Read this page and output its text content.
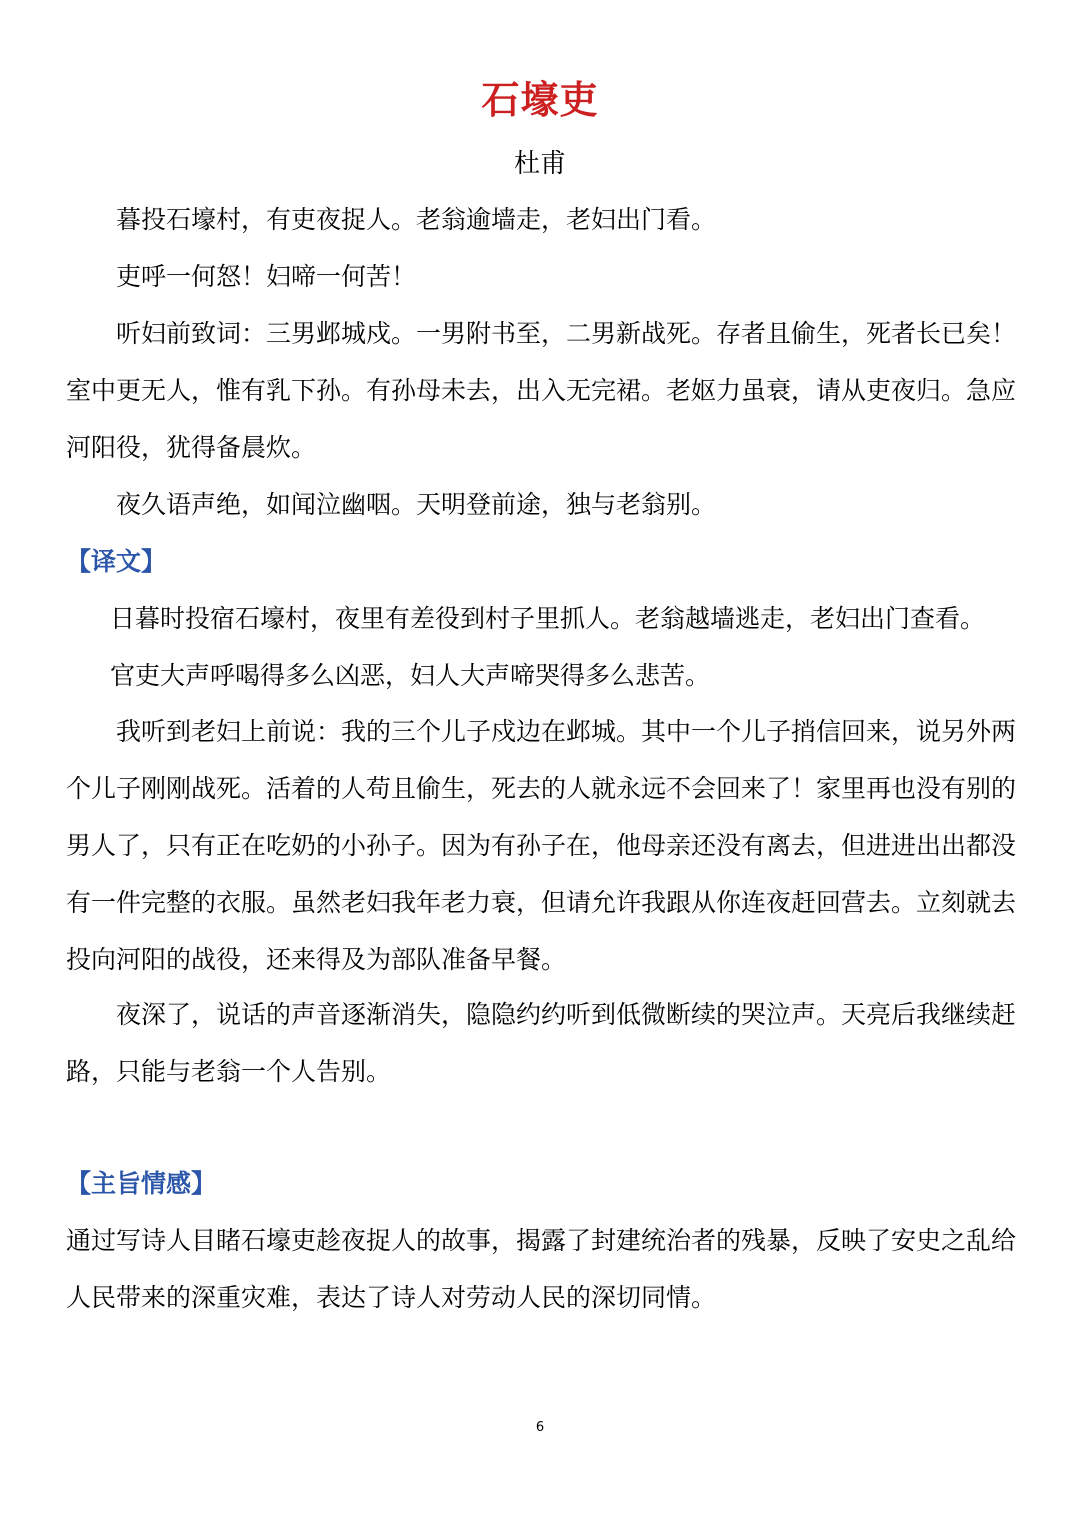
石壕吏
杜甫

暮投石壕村，有吏夜捉人。老翁逾墙走，老妇出门看。

吏呼一何怒！妇啼一何苦！

听妇前致词：三男邺城戍。一男附书至，二男新战死。存者且偷生，死者长已矣！室中更无人，惟有乳下孙。有孙母未去，出入无完裙。老妪力虽衰，请从吏夜归。急应河阳役，犹得备晨炊。

夜久语声绝，如闻泣幽咽。天明登前途，独与老翁别。

【译文】

日暮时投宿石壕村，夜里有差役到村子里抓人。老翁越墙逃走，老妇出门查看。

官吏大声呼喝得多么凶恶，妇人大声啼哭得多么悲苦。

我听到老妇上前说：我的三个儿子戍边在邺城。其中一个儿子捎信回来，说另外两个儿子刚刚战死。活着的人苟且偷生，死去的人就永远不会回来了！家里再也没有别的男人了，只有正在吃奶的小孙子。因为有孙子在，他母亲还没有离去，但进进出出都没有一件完整的衣服。虽然老妇我年老力衰，但请允许我跟从你连夜赶回营去。立刻就去投向河阳的战役，还来得及为部队准备早餐。

夜深了，说话的声音逐渐消失，隐隐约约听到低微断续的哭泣声。天亮后我继续赶路，只能与老翁一个人告别。

【主旨情感】

通过写诗人目睹石壕吏趁夜捉人的故事，揭露了封建统治者的残暴，反映了安史之乱给人民带来的深重灾难，表达了诗人对劳动人民的深切同情。

6
